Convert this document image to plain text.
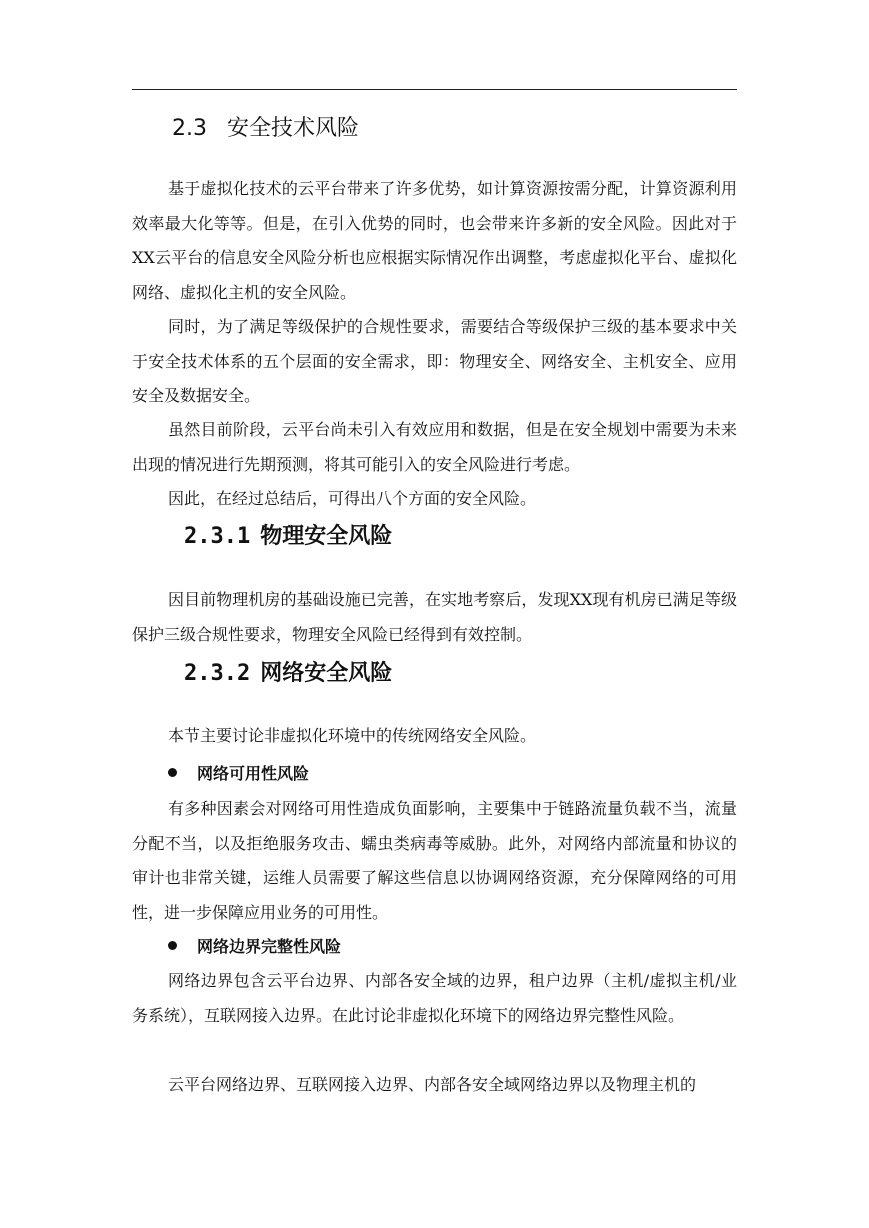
2.3 安全技术风险

基于虚拟化技术的云平台带来了许多优势，如计算资源按需分配，计算资源利用效率最大化等等。但是，在引入优势的同时，也会带来许多新的安全风险。因此对于XX云平台的信息安全风险分析也应根据实际情况作出调整，考虑虚拟化平台、虚拟化网络、虚拟化主机的安全风险。

同时，为了满足等级保护的合规性要求，需要结合等级保护三级的基本要求中关于安全技术体系的五个层面的安全需求，即：物理安全、网络安全、主机安全、应用安全及数据安全。

虽然目前阶段，云平台尚未引入有效应用和数据，但是在安全规划中需要为未来出现的情况进行先期预测，将其可能引入的安全风险进行考虑。

因此，在经过总结后，可得出八个方面的安全风险。

2.3.1 物理安全风险

因目前物理机房的基础设施已完善，在实地考察后，发现XX现有机房已满足等级保护三级合规性要求，物理安全风险已经得到有效控制。

2.3.2 网络安全风险

本节主要讨论非虚拟化环境中的传统网络安全风险。

网络可用性风险

有多种因素会对网络可用性造成负面影响，主要集中于链路流量负载不当，流量分配不当，以及拒绝服务攻击、蠕虫类病毒等威胁。此外，对网络内部流量和协议的审计也非常关键，运维人员需要了解这些信息以协调网络资源，充分保障网络的可用性，进一步保障应用业务的可用性。

网络边界完整性风险

网络边界包含云平台边界、内部各安全域的边界，租户边界（主机/虚拟主机/业务系统），互联网接入边界。在此讨论非虚拟化环境下的网络边界完整性风险。

云平台网络边界、互联网接入边界、内部各安全域网络边界以及物理主机的
